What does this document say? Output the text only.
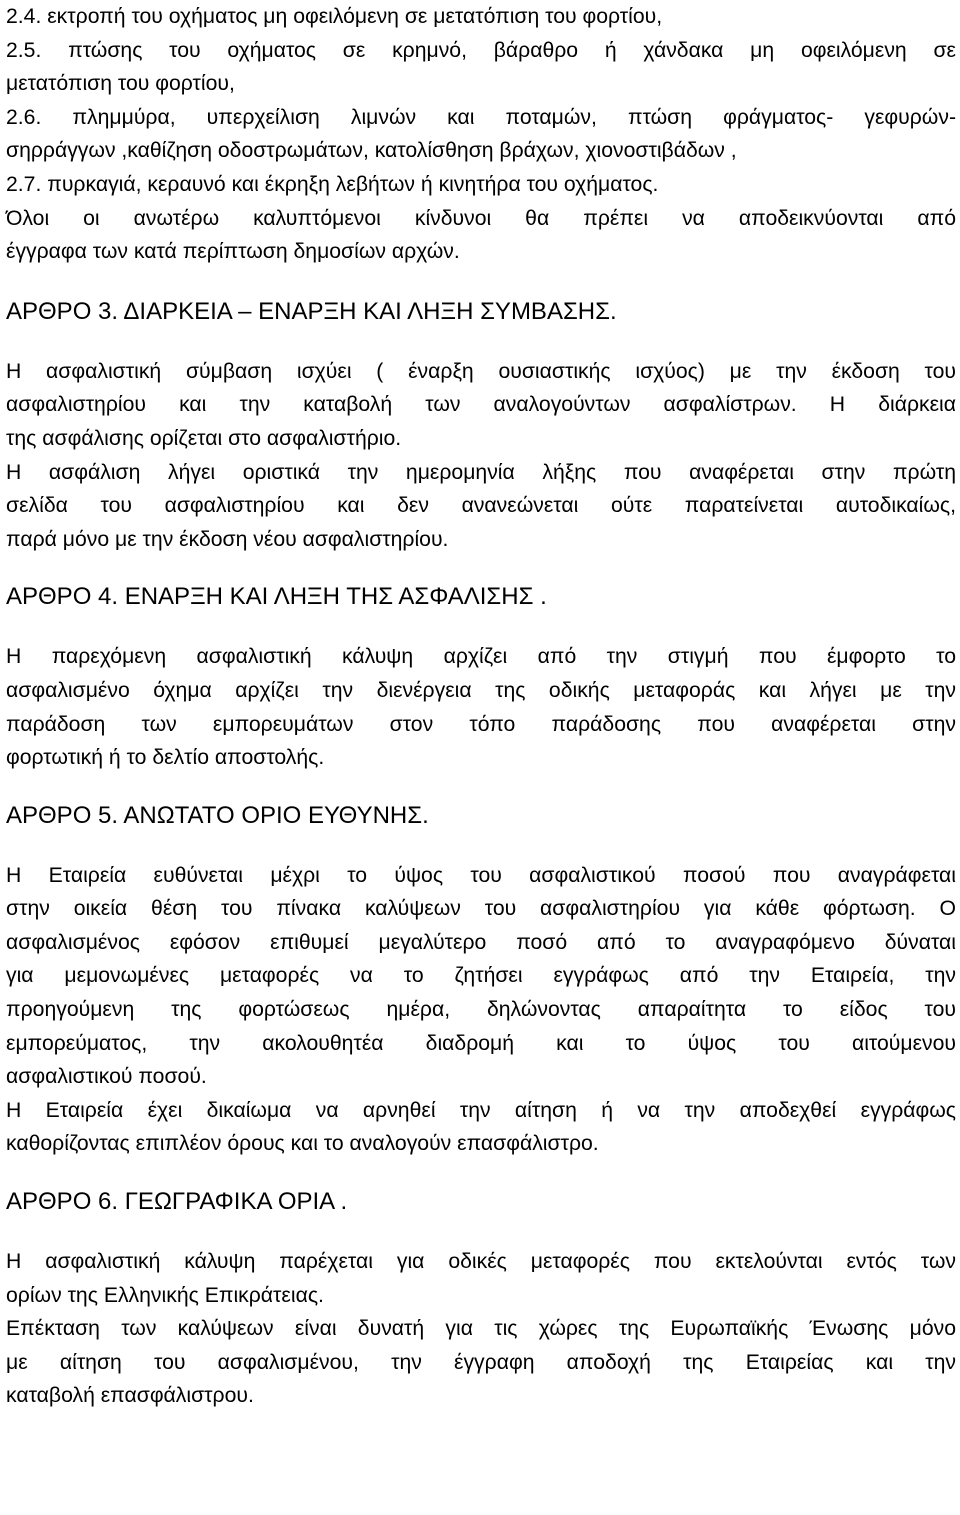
2.4. εκτροπή του οχήματος μη οφειλόμενη σε μετατόπιση του φορτίου,

2.5. πτώσης του οχήματος σε κρημνό, βάραθρο ή χάνδακα μη οφειλόμενη σε
μετατόπιση του φορτίου,

2.6. πλημμύρα, υπερχείλιση λιμνών και ποταμών, πτώση φράγματος- γεφυρών-
σηρράγγων ,καθίζηση οδοστρωμάτων, κατολίσθηση βράχων, χιονοστιβάδων ,

2.7. πυρκαγιά, κεραυνό και έκρηξη λεβήτων ή κινητήρα του οχήματος.

Όλοι οι ανωτέρω καλυπτόμενοι κίνδυνοι θα πρέπει να αποδεικνύονται από
έγγραφα των κατά περίπτωση δημοσίων αρχών.

ΑΡΘΡΟ 3. ΔΙΑΡΚΕΙΑ – ΕΝΑΡΞΗ ΚΑΙ ΛΗΞΗ ΣΥΜΒΑΣΗΣ.

Η ασφαλιστική σύμβαση ισχύει ( έναρξη ουσιαστικής ισχύος) με την έκδοση του
ασφαλιστηρίου και την καταβολή των αναλογούντων ασφαλίστρων. Η διάρκεια
της ασφάλισης ορίζεται στο ασφαλιστήριο.

Η ασφάλιση λήγει οριστικά την ημερομηνία λήξης που αναφέρεται στην πρώτη
σελίδα του ασφαλιστηρίου και δεν ανανεώνεται ούτε παρατείνεται αυτοδικαίως,
παρά μόνο με την έκδοση νέου ασφαλιστηρίου.

ΑΡΘΡΟ 4. ΕΝΑΡΞΗ ΚΑΙ ΛΗΞΗ ΤΗΣ ΑΣΦΑΛΙΣΗΣ .

Η παρεχόμενη ασφαλιστική κάλυψη αρχίζει από την στιγμή που έμφορτο το
ασφαλισμένο όχημα αρχίζει την διενέργεια της οδικής μεταφοράς και λήγει με την
παράδοση των εμπορευμάτων στον τόπο παράδοσης που αναφέρεται στην
φορτωτική ή το δελτίο αποστολής.

ΑΡΘΡΟ 5. ΑΝΩΤΑΤΟ ΟΡΙΟ ΕΥΘΥΝΗΣ.

Η Εταιρεία ευθύνεται μέχρι το ύψος του ασφαλιστικού ποσού που αναγράφεται
στην οικεία θέση του πίνακα καλύψεων του ασφαλιστηρίου για κάθε φόρτωση. Ο
ασφαλισμένος εφόσον επιθυμεί μεγαλύτερο ποσό από το αναγραφόμενο δύναται
για μεμονωμένες μεταφορές να το ζητήσει εγγράφως από την Εταιρεία, την
προηγούμενη της φορτώσεως ημέρα, δηλώνοντας απαραίτητα το είδος του
εμπορεύματος, την ακολουθητέα διαδρομή και το ύψος του αιτούμενου
ασφαλιστικού ποσού.

Η Εταιρεία έχει δικαίωμα να αρνηθεί την αίτηση ή να την αποδεχθεί εγγράφως
καθορίζοντας επιπλέον όρους και το αναλογούν επασφάλιστρο.

ΑΡΘΡΟ 6. ΓΕΩΓΡΑΦΙΚΑ ΟΡΙΑ .

Η ασφαλιστική κάλυψη παρέχεται για οδικές μεταφορές που εκτελούνται εντός των
ορίων της Ελληνικής Επικράτειας.

Επέκταση των καλύψεων είναι δυνατή για τις χώρες της Ευρωπαϊκής Ένωσης μόνο
με αίτηση του ασφαλισμένου, την έγγραφη αποδοχή της Εταιρείας και την
καταβολή επασφάλιστρου.
